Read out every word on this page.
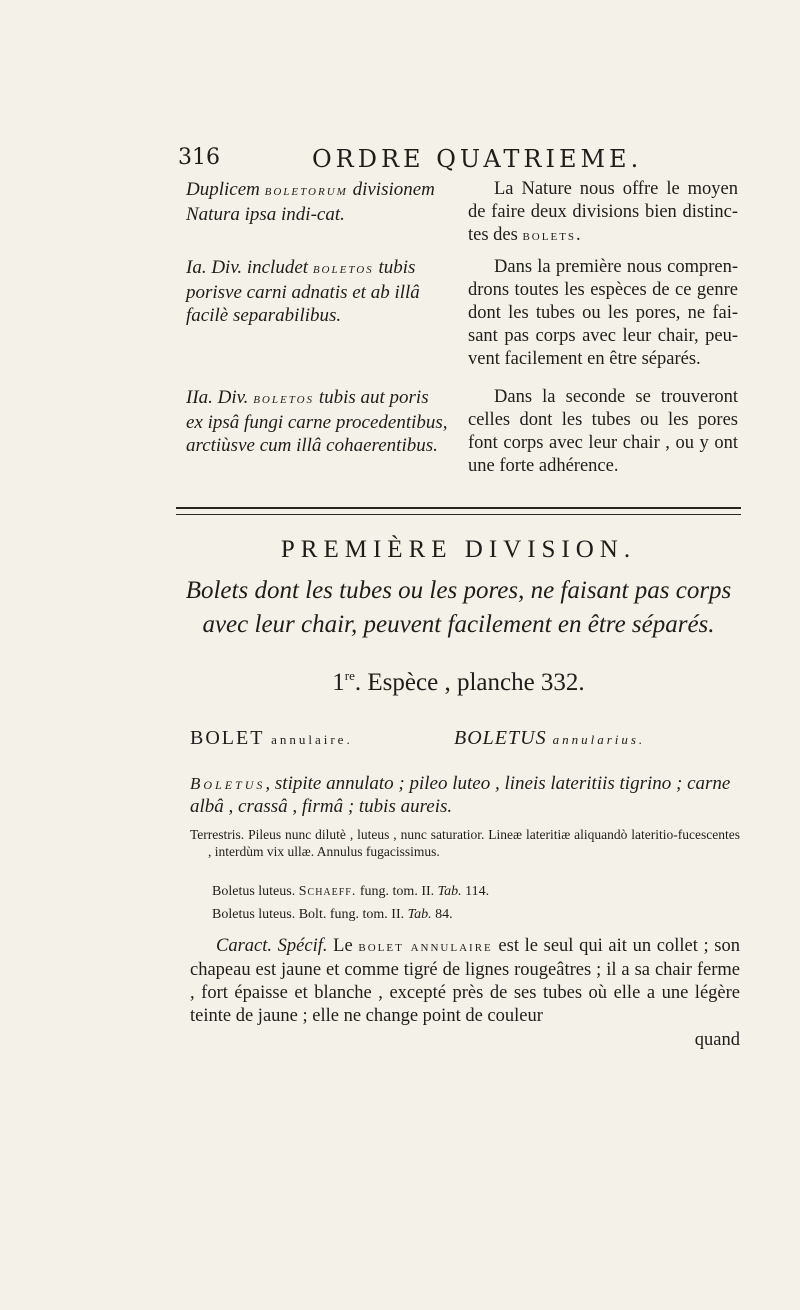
316	ORDRE QUATRIEME.
Duplicem boletorum divisionem Natura ipsa indi-cat.
La Nature nous offre le moyen de faire deux divisions bien distinc-tes des bolets.
Ia. Div. includet boletos tubis porisve carni adnatis et ab illâ facilè separabilibus.
Dans la première nous compren-drons toutes les espèces de ce genre dont les tubes ou les pores, ne fai-sant pas corps avec leur chair, peu-vent facilement en être séparés.
IIa. Div. boletos tubis aut poris ex ipsâ fungi carne procedentibus, arctiùsve cum illâ cohaerentibus.
Dans la seconde se trouveront celles dont les tubes ou les pores font corps avec leur chair , ou y ont une forte adhérence.
PREMIÈRE DIVISION.
Bolets dont les tubes ou les pores, ne faisant pas corps avec leur chair, peuvent facilement en être séparés.
1re. Espèce , planche 332.
BOLET annulaire.	BOLETUS annularius.
Boletus, stipite annulato ; pileo luteo , lineis lateritiis tigrino ; carne albâ , crassâ , firmâ ; tubis aureis.
Terrestris. Pileus nunc dilutè , luteus , nunc saturatior. Lineæ lateritiæ aliquandò lateritio-fucescentes , interdùm vix ullæ. Annulus fugacissimus.
Boletus luteus. Schaeff. fung. tom. II. Tab. 114.
Boletus luteus. Bolt. fung. tom. II. Tab. 84.
Caract. Spécif. Le bolet annulaire est le seul qui ait un collet ; son chapeau est jaune et comme tigré de lignes rougeâtres ; il a sa chair ferme , fort épaisse et blanche , excepté près de ses tubes où elle a une légère teinte de jaune ; elle ne change point de couleur
quand
